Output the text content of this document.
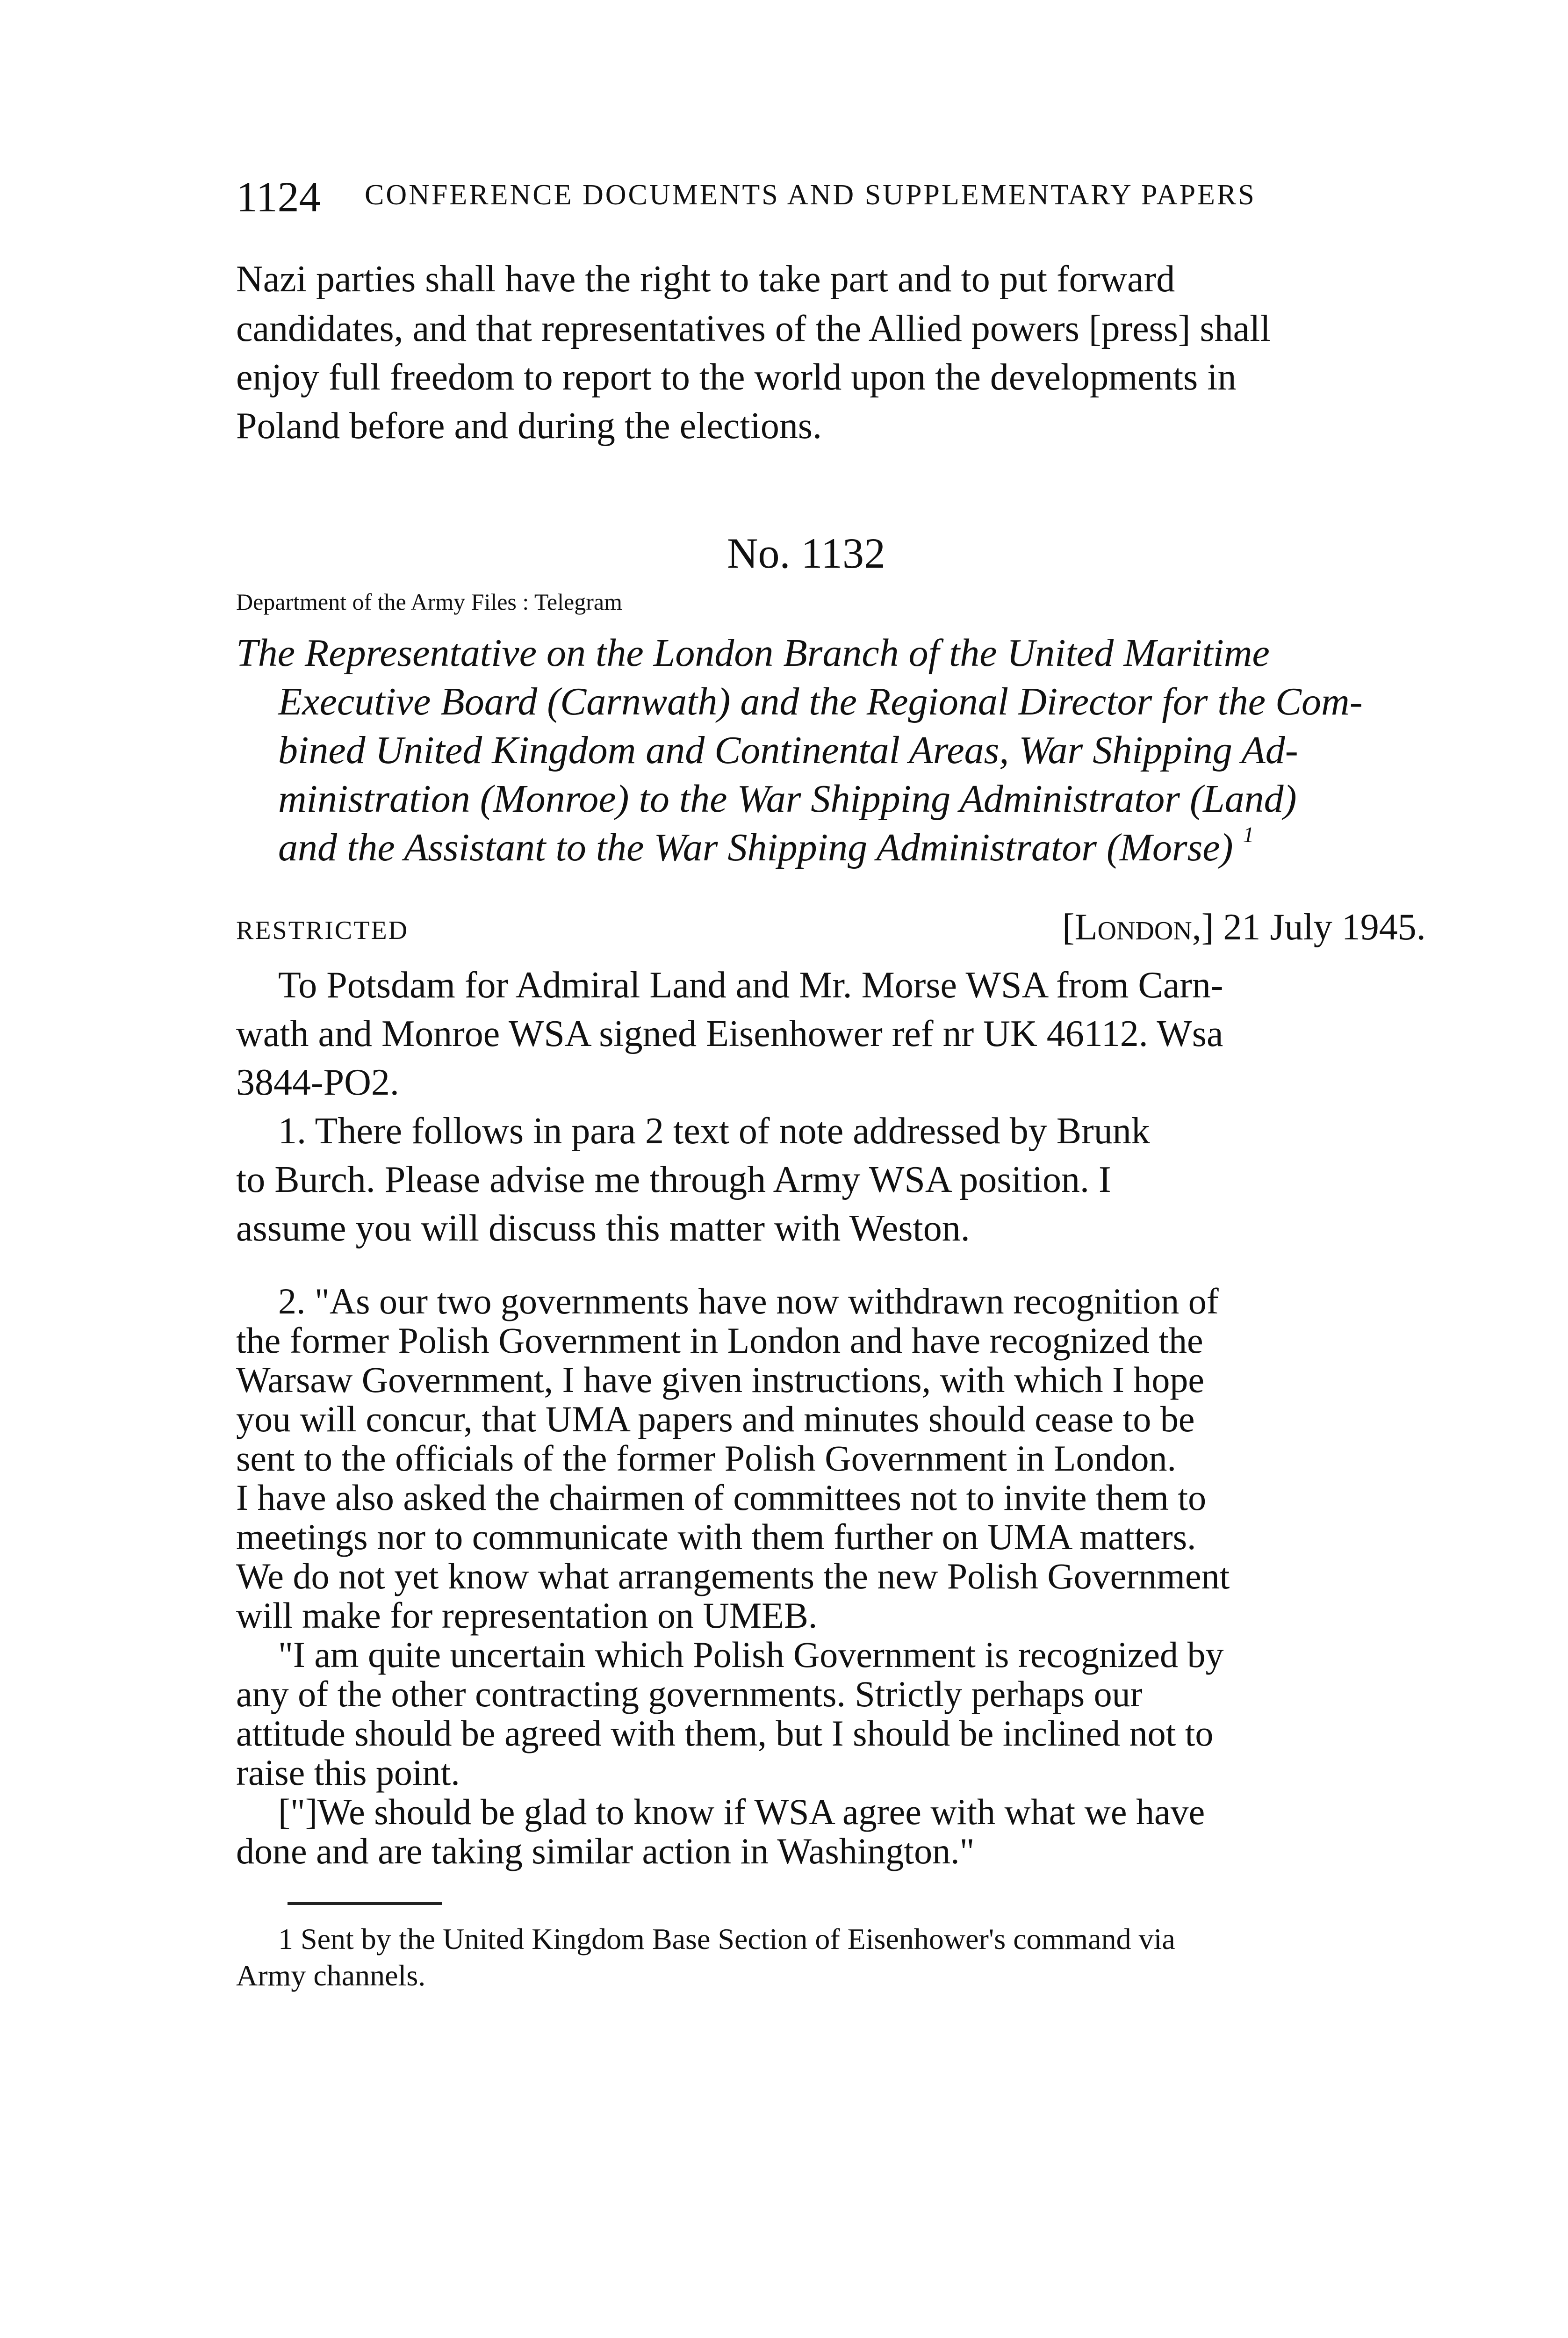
1124 CONFERENCE DOCUMENTS AND SUPPLEMENTARY PAPERS
Nazi parties shall have the right to take part and to put forward
candidates, and that representatives of the Allied powers [press] shall
enjoy full freedom to report to the world upon the developments in
Poland before and during the elections.
No. 1132
Department of the Army Files : Telegram
The Representative on the London Branch of the United Maritime
Executive Board (Carnwath) and the Regional Director for the Com-
bined United Kingdom and Continental Areas, War Shipping Ad-
ministration (Monroe) to the War Shipping Administrator (Land)
and the Assistant to the War Shipping Administrator (Morse) $^1$
RESTRICTED	[London,] 21 July 1945.
To Potsdam for Admiral Land and Mr. Morse WSA from Carn-
wath and Monroe WSA signed Eisenhower ref nr UK 46112. Wsa
3844-PO2.
1. There follows in para 2 text of note addressed by Brunk
to Burch. Please advise me through Army WSA position. I
assume you will discuss this matter with Weston.
2. "As our two governments have now withdrawn recognition of
the former Polish Government in London and have recognized the
Warsaw Government, I have given instructions, with which I hope
you will concur, that UMA papers and minutes should cease to be
sent to the officials of the former Polish Government in London.
I have also asked the chairmen of committees not to invite them to
meetings nor to communicate with them further on UMA matters.
We do not yet know what arrangements the new Polish Government
will make for representation on UMEB.
"I am quite uncertain which Polish Government is recognized by
any of the other contracting governments. Strictly perhaps our
attitude should be agreed with them, but I should be inclined not to
raise this point.
["]We should be glad to know if WSA agree with what we have
done and are taking similar action in Washington."
1 Sent by the United Kingdom Base Section of Eisenhower's command via
Army channels.
